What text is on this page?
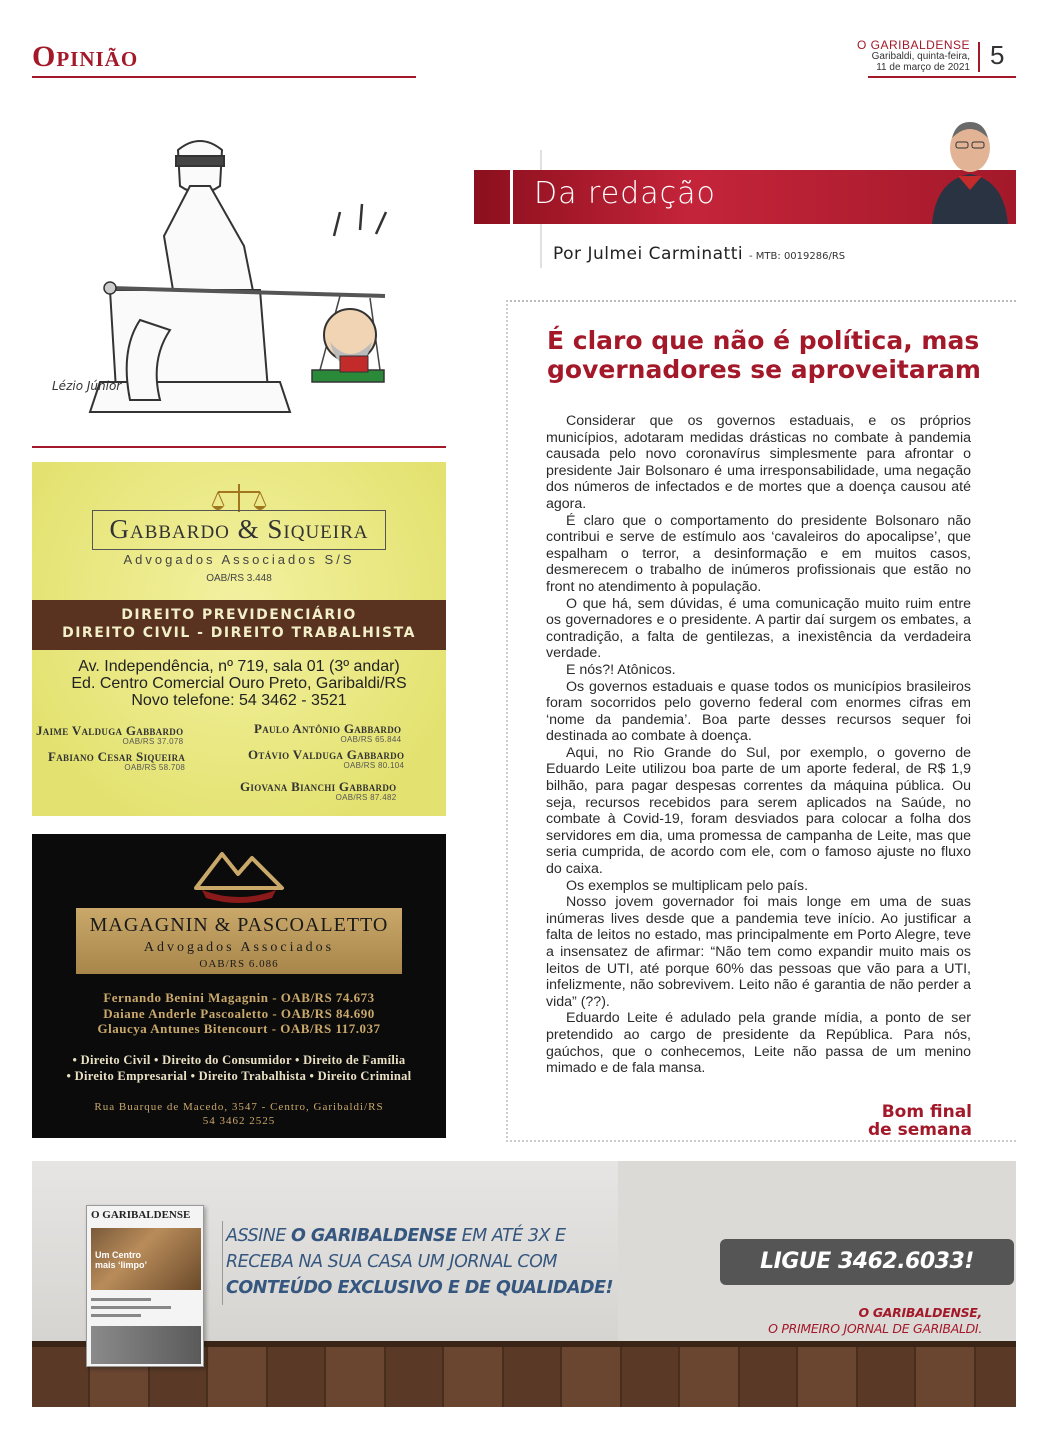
Opinião	O GARIBALDENSE
Garibaldi, quinta-feira,
11 de março de 2021 5
Lézio Júnior
Da redação
Por Julmei Carminatti - MTB: 0019286/RS
É claro que não é política, mas governadores se aproveitaram

Considerar que os governos estaduais, e os próprios municípios, adotaram medidas drásticas no combate à pandemia causada pelo novo coronavírus simplesmente para afrontar o presidente Jair Bolsonaro é uma irresponsabilidade, uma negação dos números de infectados e de mortes que a doença causou até agora.

É claro que o comportamento do presidente Bolsonaro não contribui e serve de estímulo aos ‘cavaleiros do apocalipse’, que espalham o terror, a desinformação e em muitos casos, desmerecem o trabalho de inúmeros profissionais que estão no front no atendimento à população.

O que há, sem dúvidas, é uma comunicação muito ruim entre os governadores e o presidente. A partir daí surgem os embates, a contradição, a falta de gentilezas, a inexistência da verdadeira verdade.

E nós?! Atônicos.

Os governos estaduais e quase todos os municípios brasileiros foram socorridos pelo governo federal com enormes cifras em ‘nome da pandemia’. Boa parte desses recursos sequer foi destinada ao combate à doença.

Aqui, no Rio Grande do Sul, por exemplo, o governo de Eduardo Leite utilizou boa parte de um aporte federal, de R$ 1,9 bilhão, para pagar despesas correntes da máquina pública. Ou seja, recursos recebidos para serem aplicados na Saúde, no combate à Covid-19, foram desviados para colocar a folha dos servidores em dia, uma promessa de campanha de Leite, mas que seria cumprida, de acordo com ele, com o famoso ajuste no fluxo do caixa.

Os exemplos se multiplicam pelo país.

Nosso jovem governador foi mais longe em uma de suas inúmeras lives desde que a pandemia teve início. Ao justificar a falta de leitos no estado, mas principalmente em Porto Alegre, teve a insensatez de afirmar: “Não tem como expandir muito mais os leitos de UTI, até porque 60% das pessoas que vão para a UTI, infelizmente, não sobrevivem. Leito não é garantia de não perder a vida” (??).

Eduardo Leite é adulado pela grande mídia, a ponto de ser pretendido ao cargo de presidente da República. Para nós, gaúchos, que o conhecemos, Leite não passa de um menino mimado e de fala mansa.

Bom final
de semana
Gabbardo & Siqueira
Advogados Associados S/S
OAB/RS 3.448
DIREITO PREVIDENCIÁRIO
DIREITO CIVIL - DIREITO TRABALHISTA
Av. Independência, nº 719, sala 01 (3º andar)
Ed. Centro Comercial Ouro Preto, Garibaldi/RS
Novo telefone: 54 3462 - 3521
Jaime Valduga Gabbardo
OAB/RS 37.078
Paulo Antônio Gabbardo
OAB/RS 65.844
Fabiano Cesar Siqueira
OAB/RS 58.708
Otávio Valduga Gabbardo
OAB/RS 80.104
Giovana Bianchi Gabbardo
OAB/RS 87.482
MAGAGNIN & PASCOALETTO
Advogados Associados
OAB/RS 6.086
Fernando Benini Magagnin - OAB/RS 74.673
Daiane Anderle Pascoaletto - OAB/RS 84.690
Glaucya Antunes Bitencourt - OAB/RS 117.037
• Direito Civil • Direito do Consumidor • Direito de Família
• Direito Empresarial • Direito Trabalhista • Direito Criminal
Rua Buarque de Macedo, 3547 - Centro, Garibaldi/RS
54 3462 2525
O GARIBALDENSE
Um Centro
mais ‘limpo’
ASSINE O GARIBALDENSE EM ATÉ 3X E
RECEBA NA SUA CASA UM JORNAL COM
CONTEÚDO EXCLUSIVO E DE QUALIDADE!
LIGUE 3462.6033!
O GARIBALDENSE,
O PRIMEIRO JORNAL DE GARIBALDI.
